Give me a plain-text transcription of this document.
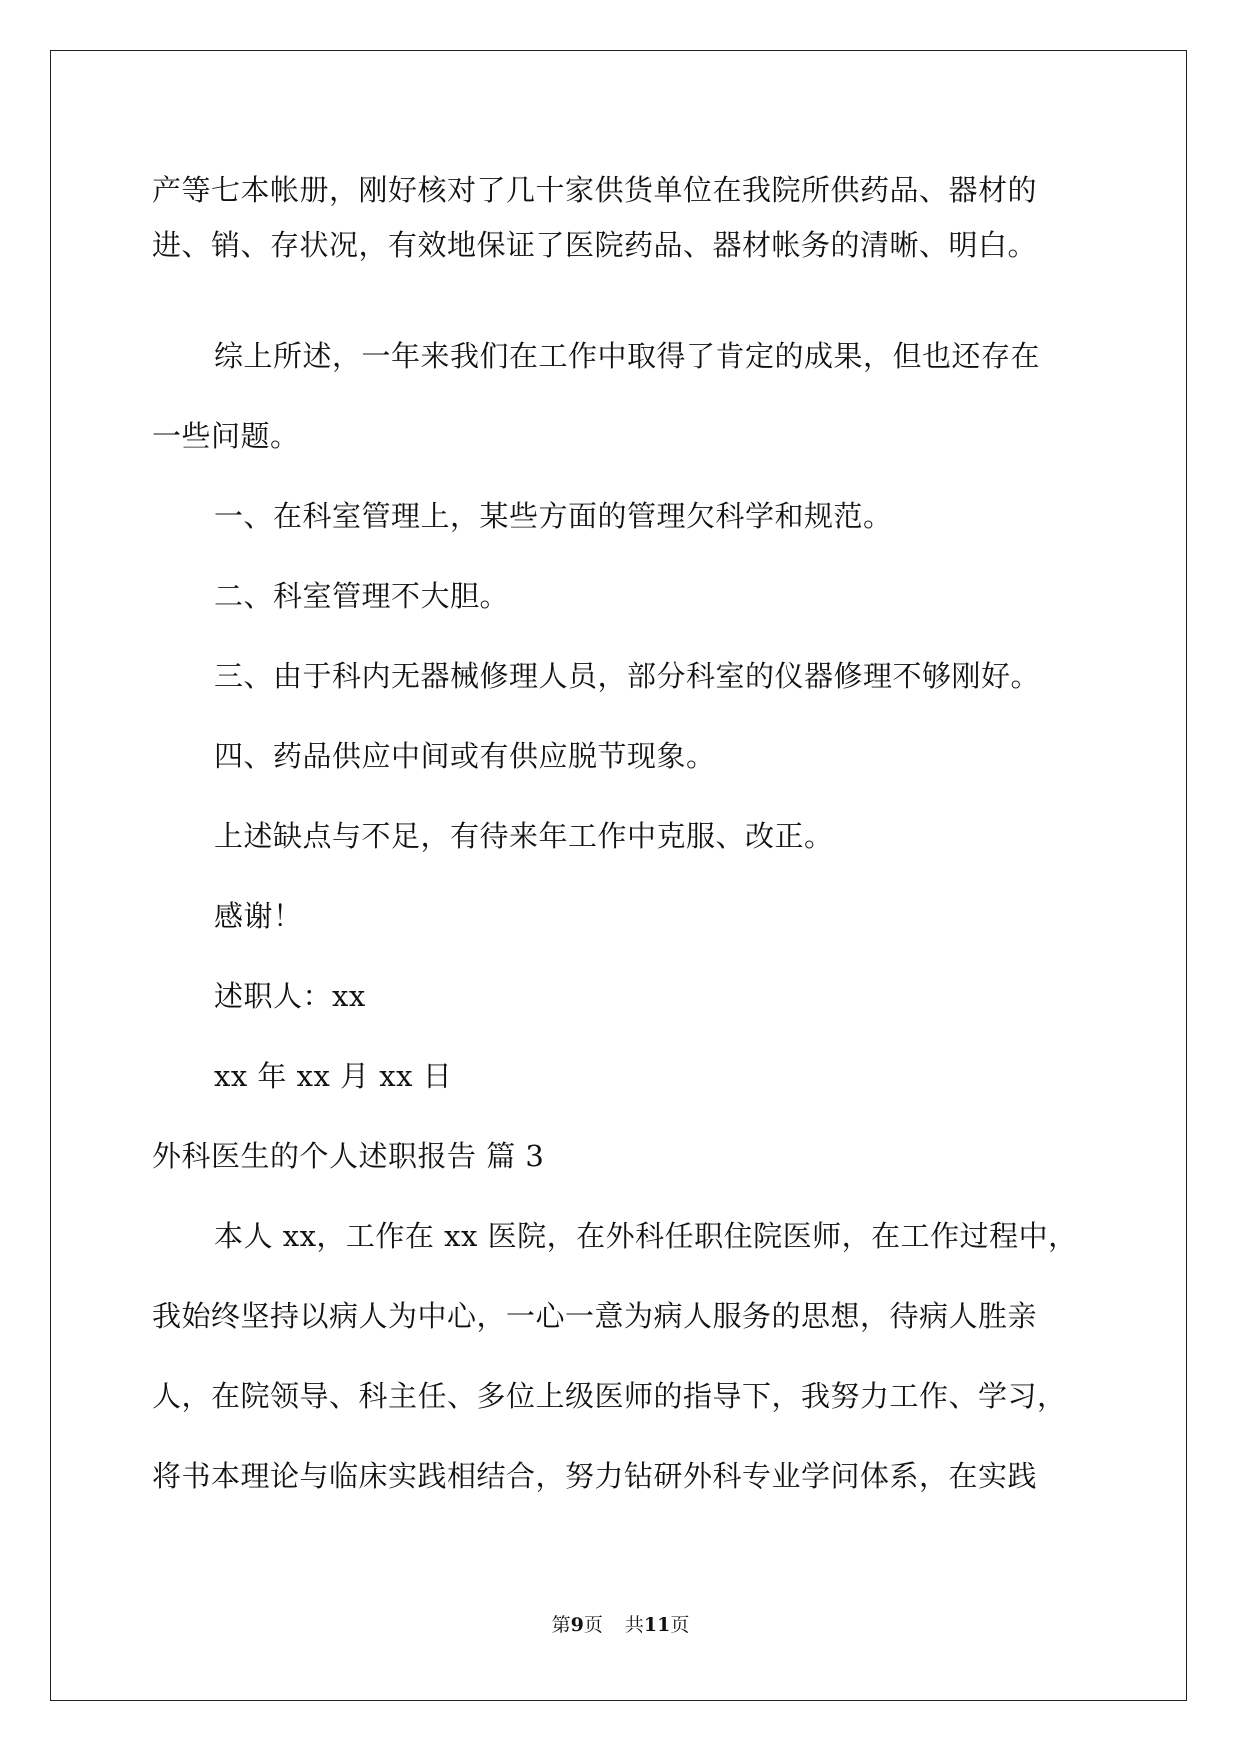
产等七本帐册，刚好核对了几十家供货单位在我院所供药品、器材的
进、销、存状况，有效地保证了医院药品、器材帐务的清晰、明白。
综上所述，一年来我们在工作中取得了肯定的成果，但也还存在
一些问题。
一、在科室管理上，某些方面的管理欠科学和规范。
二、科室管理不大胆。
三、由于科内无器械修理人员，部分科室的仪器修理不够刚好。
四、药品供应中间或有供应脱节现象。
上述缺点与不足，有待来年工作中克服、改正。
感谢！
述职人：xx
xx 年 xx 月 xx 日
外科医生的个人述职报告 篇 3
本人 xx，工作在 xx 医院，在外科任职住院医师，在工作过程中，
我始终坚持以病人为中心，一心一意为病人服务的思想，待病人胜亲
人，在院领导、科主任、多位上级医师的指导下，我努力工作、学习，
将书本理论与临床实践相结合，努力钻研外科专业学问体系，在实践
第9页 共11页
